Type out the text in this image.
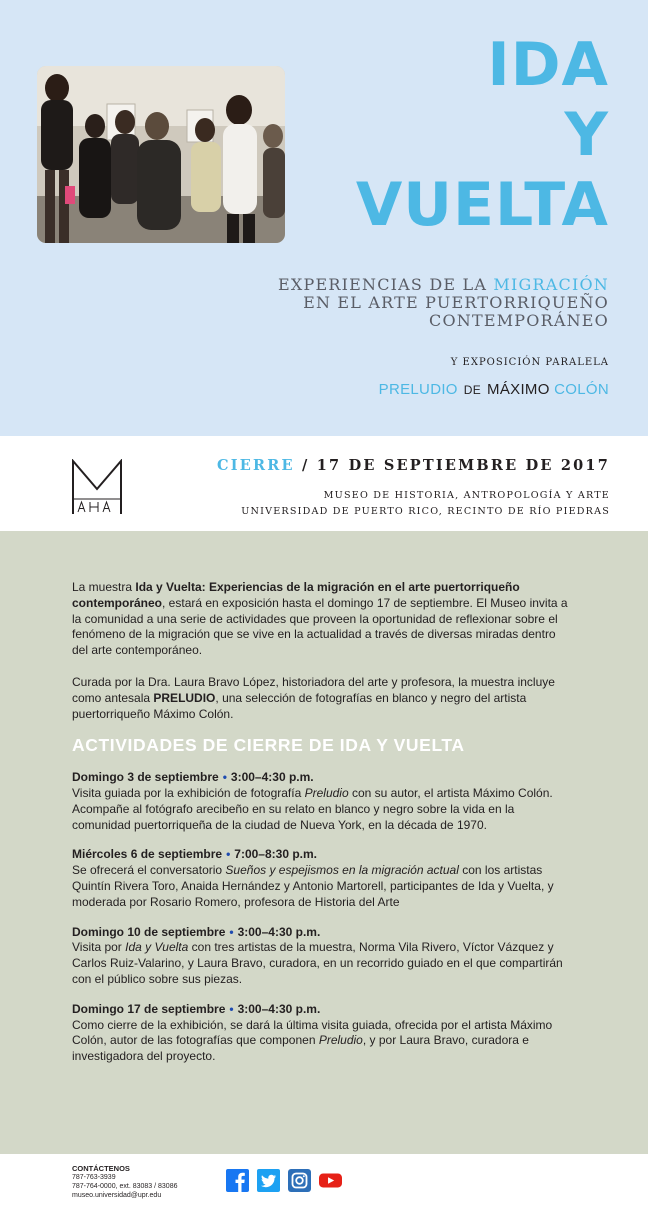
IDA
Y
VUELTA
EXPERIENCIAS DE LA MIGRACIÓN
EN EL ARTE PUERTORRIQUEÑO
CONTEMPORÁNEO
Y EXPOSICIÓN PARALELA
PRELUDIO DE MÁXIMO COLÓN
CIERRE / 17 DE SEPTIEMBRE DE 2017
MUSEO DE HISTORIA, ANTROPOLOGÍA Y ARTE
UNIVERSIDAD DE PUERTO RICO, RECINTO DE RÍO PIEDRAS

La muestra Ida y Vuelta: Experiencias de la migración en el arte puertorriqueño contemporáneo, estará en exposición hasta el domingo 17 de septiembre. El Museo invita a la comunidad a una serie de actividades que proveen la oportunidad de reflexionar sobre el fenómeno de la migración que se vive en la actualidad a través de diversas miradas dentro del arte contemporáneo.

Curada por la Dra. Laura Bravo López, historiadora del arte y profesora, la muestra incluye como antesala PRELUDIO, una selección de fotografías en blanco y negro del artista puertorriqueño Máximo Colón.

ACTIVIDADES DE CIERRE DE IDA Y VUELTA
Domingo 3 de septiembre • 3:00–4:30 p.m.
Visita guiada por la exhibición de fotografía Preludio con su autor, el artista Máximo Colón. Acompañe al fotógrafo arecibeño en su relato en blanco y negro sobre la vida en la comunidad puertorriqueña de la ciudad de Nueva York, en la década de 1970.
Miércoles 6 de septiembre • 7:00–8:30 p.m.
Se ofrecerá el conversatorio Sueños y espejismos en la migración actual con los artistas Quintín Rivera Toro, Anaida Hernández y Antonio Martorell, participantes de Ida y Vuelta, y moderada por Rosario Romero, profesora de Historia del Arte
Domingo 10 de septiembre • 3:00–4:30 p.m.
Visita por Ida y Vuelta con tres artistas de la muestra, Norma Vila Rivero, Víctor Vázquez y Carlos Ruiz-Valarino, y Laura Bravo, curadora, en un recorrido guiado en el que compartirán con el público sobre sus piezas.
Domingo 17 de septiembre • 3:00–4:30 p.m.
Como cierre de la exhibición, se dará la última visita guiada, ofrecida por el artista Máximo Colón, autor de las fotografías que componen Preludio, y por Laura Bravo, curadora e investigadora del proyecto.
CONTÁCTENOS
787-763-3939
787-764-0000, ext. 83083 / 83086
museo.universidad@upr.edu
